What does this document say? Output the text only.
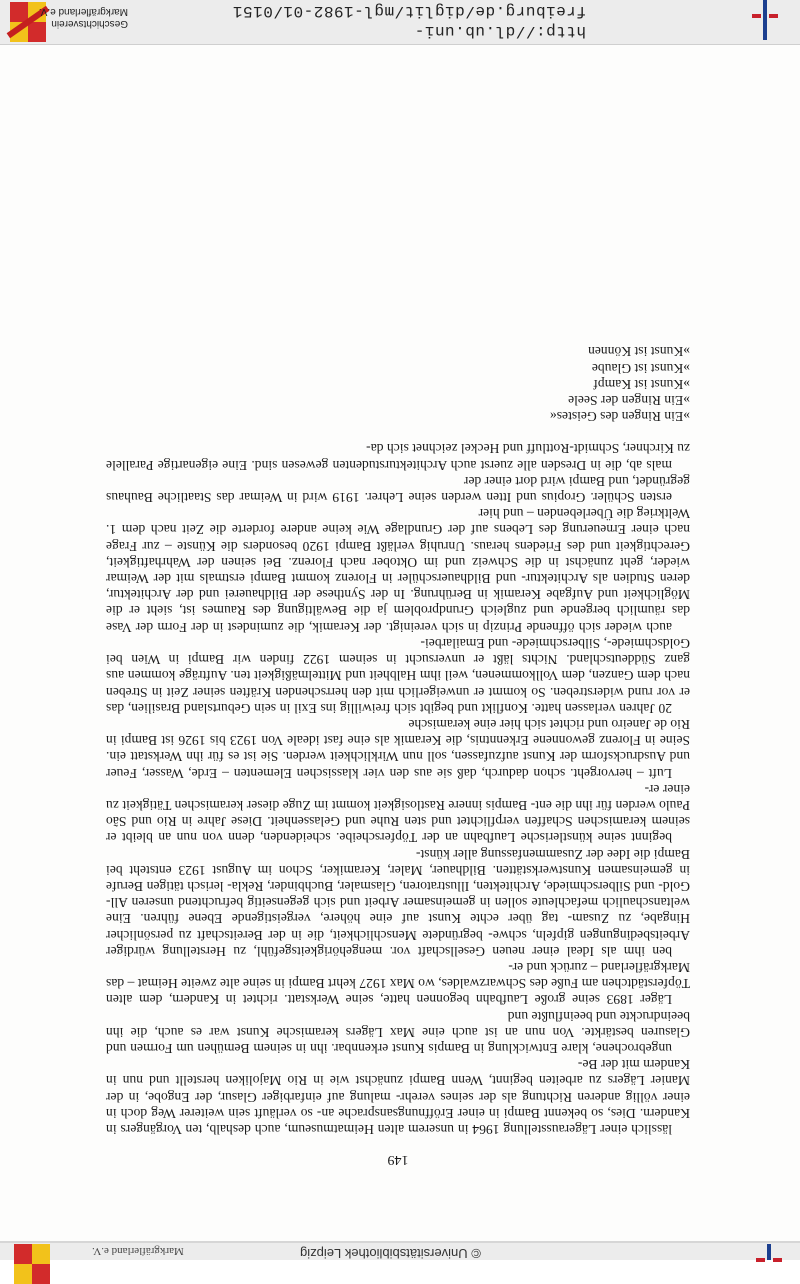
149

lässlich einer Lägerausstellung 1964 in unserem alten Heimatmuseum, auch deshalb, ten Vorgängers in Kandern. Dies, so bekennt Bampi in einer Eröffnungsansprache an- so verläuft sein weiterer Weg doch in einer völlig anderen Richtung als der seines verehr- malung auf einfarbiger Glasur, der Engobe, in der Manier Lägers zu arbeiten beginnt, Wenn Bampi zunächst wie in Rio Majoliken herstellt und nun in Kandern mit der Be-

ungebrochene, klare Entwicklung in Bampis Kunst erkennbar. ihn in seinem Bemühen um Formen und Glasuren bestärkte. Von nun an ist auch eine Max Lägers keramische Kunst war es auch, die ihn beeindruckte und beeinflußte und

Läger 1893 seine große Laufbahn begonnen hatte, seine Werkstatt. richtet in Kandern, dem alten Töpferstädtchen am Fuße des Schwarzwaldes, wo Max 1927 kehrt Bampi in seine alte zweite Heimat – das Markgräflerland – zurück und er-

ben ihm als Ideal einer neuen Gesellschaft vor. mengehörigkeitsgefühl, zu Herstellung würdiger Arbeitsbedingungen gipfeln, schwe- begründete Menschlichkeit, die in der Bereitschaft zu persönlicher Hingabe, zu Zusam- tag über echte Kunst auf eine höhere, vergeistigende Ebene führen. Eine weltanschaulich mefachleute sollen in gemeinsamer Arbeit und sich gegenseitig befruchtend unseren All- Gold- und Silberschmiede, Architekten, Illustratoren, Glasmaler, Buchbinder, Rekla- lerisch tätigen Berufe in gemeinsamen Kunstwerkstätten. Bildhauer, Maler, Keramiker, Schon im August 1923 entsteht bei Bampi die Idee der Zusammenfassung aller künst-

beginnt seine künstlerische Laufbahn an der Töpferscheibe. scheidenden, denn von nun an bleibt er seinem keramischen Schaffen verpflichtet und sten Ruhe und Gelassenheit. Diese Jahre in Rio und São Paulo werden für ihn die ent- Bampis innere Rastlosigkeit kommt im Zuge dieser keramischen Tätigkeit zu einer er-

Luft – hervorgeht. schon dadurch, daß sie aus den vier klassischen Elementen – Erde, Wasser, Feuer und Ausdrucksform der Kunst aufzufassen, soll nun Wirklichkeit werden. Sie ist es für ihn Werkstatt ein. Seine in Florenz gewonnene Erkenntnis, die Keramik als eine fast ideale Von 1923 bis 1926 ist Bampi in Rio de Janeiro und richtet sich hier eine keramische

20 Jahren verlassen hatte. Konflikt und begibt sich freiwillig ins Exil in sein Geburtsland Brasilien, das er vor rund widerstreben. So kommt er unweigerlich mit den herrschenden Kräften seiner Zeit in Streben nach dem Ganzen, dem Vollkommenen, weil ihm Halbheit und Mittelmäßigkeit ten. Aufträge kommen aus ganz Süddeutschland. Nichts läßt er unversucht in seinem 1922 finden wir Bampi in Wien bei Goldschmiede-, Silberschmiede- und Emailarbei-

auch wieder sich öffnende Prinzip in sich vereinigt. der Keramik, die zumindest in der Form der Vase das räumlich bergende und zugleich Grundproblem ja die Bewältigung des Raumes ist, sieht er die Möglichkeit und Aufgabe Keramik in Berührung. In der Synthese der Bildhauerei und der Architektur, deren Studien als Architektur- und Bildhauerschüler in Florenz kommt Bampi erstmals mit der Weimar wieder, geht zunächst in die Schweiz und im Oktober nach Florenz. Bei seinen der Wahrhaftigkeit, Gerechtigkeit und des Friedens heraus. Unruhig verläßt Bampi 1920 besonders die Künste – zur Frage nach einer Erneuerung des Lebens auf der Grundlage Wie keine andere forderte die Zeit nach dem 1. Weltkrieg die Überlebenden – und hier

ersten Schüler. Gropius und Itten werden seine Lehrer. 1919 wird in Weimar das Staatliche Bauhaus gegründet, und Bampi wird dort einer der

mals ab, die in Dresden alle zuerst auch Architekturstudenten gewesen sind. Eine eigenartige Parallele zu Kirchner, Schmidt-Rottluff und Heckel zeichnet sich da-

»Ein Ringen des Geistes«

»Ein Ringen der Seele

»Kunst ist Kampf

»Kunst ist Glaube

»Kunst ist Können

Geschichtsverein
Markgräflerland e.V.
http://dl.ub.uni-freiburg.de/diglit/mgl-1982-01/0151
Markgräflerland e.V.	© Universitätsbibliothek Leipzig
